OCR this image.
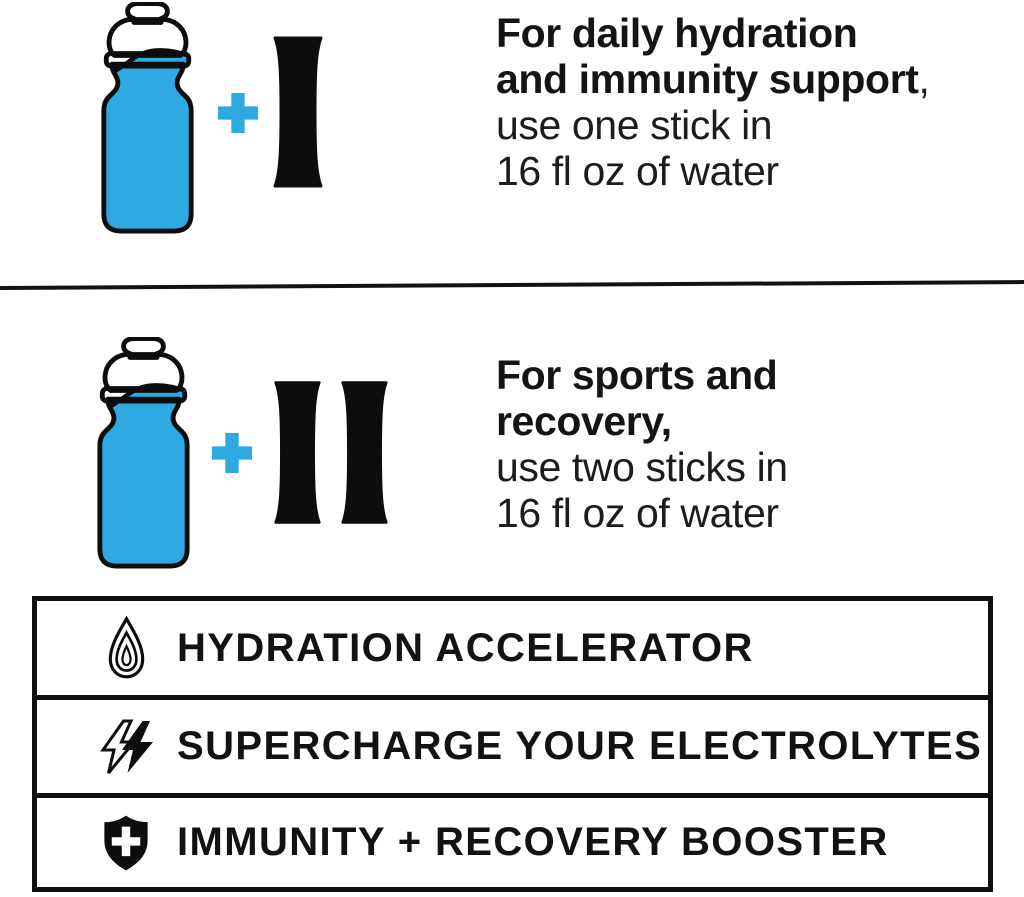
For daily hydration
and immunity support,
use one stick in
16 fl oz of water
For sports and
recovery,
use two sticks in
16 fl oz of water
HYDRATION ACCELERATOR
SUPERCHARGE YOUR ELECTROLYTES
IMMUNITY + RECOVERY BOOSTER
